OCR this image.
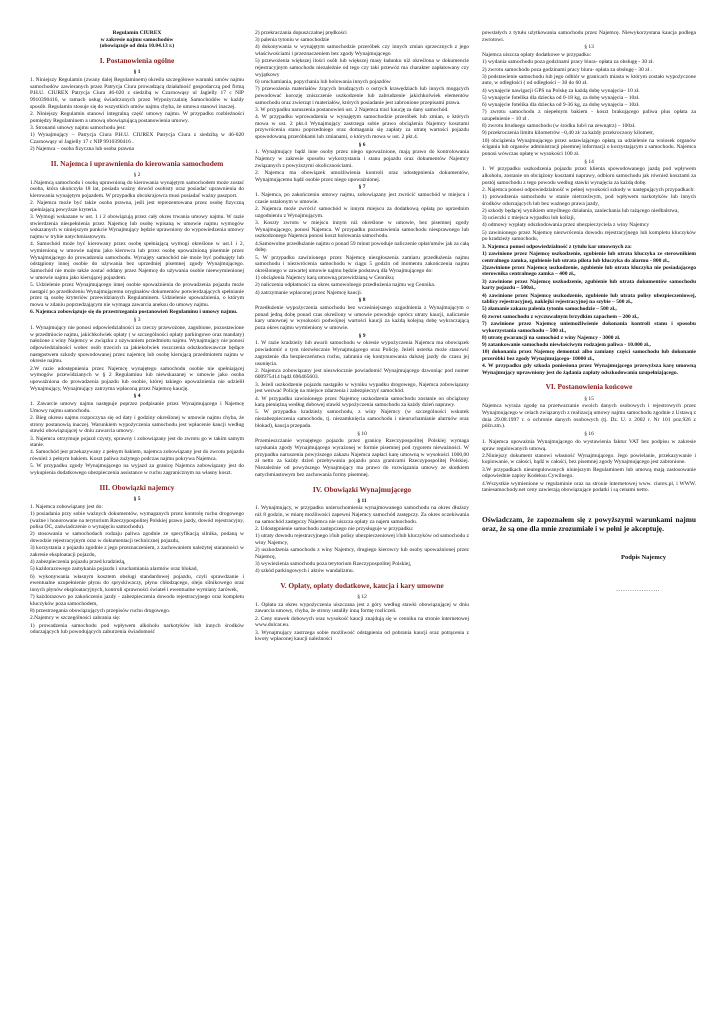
Regulamin CIUREX
w zakresie najmu samochodów
(obowiązuje od dnia 10.04.13 r.)
I. Postanowienia ogólne
§ 1
1. Niniejszy Regulamin (zwany dalej Regulaminem) określa szczegółowe warunki umów najmu samochodów zawieranych przez Patrycja Ciura prowadzącą działalność gospodarczą pod firmą P.H.U. CIUREX Patrycja Ciura 46-020 z siedzibą w Czarnowąsy ul Jagielly 17 c NIP 9910390416, w ramach usług świadczonych przez Wypożyczalnię Samochodów w każdy sposób. Regulamin stosuje się do wszystkich umów najmu chyba, że umowa stanowi inaczej.
2. Niniejszy Regulamin stanowi integralną część umowy najmu. W przypadku rozbieżności pomiędzy Regulaminem a umową obowiązującą postanowienia umowy.
3. Stronami umowy najmu samochodu jest:
1) Wynajmujący – Patrycja Ciura P.H.U. CIUREX Patrycja Ciura z siedzibą w 46-020 Czarnowąsy ul Jagielly 17 c NIP 9910390416 .
2) Najemca – osoba fizyczna lub osoba prawna
II. Najemca i uprawnienia do kierowania samochodem
§ 2
1.Najemcą samochodu i osobą uprawnioną do kierowania wynajętym samochodem może zostać osoba, która ukończyła 18 lat, posiada ważny dowód osobisty oraz posiadać uprawnienia do kierowania wynajętym pojazdem. W przypadku obcokrajowca musi posiadać ważny paszport.
2. Najemca może być także osoba prawna, jeśli jest reprezentowana przez osobę fizyczną spełniającą powyższe kryteria.
3. Wymogi wskazane w ust. 1 i 2 obowiązują przez cały okres trwania umowy najmu. W razie stwierdzenia niespełnienia przez Najemcę lub osobę wpisaną w umowie najmu wymogów wskazanych w niniejszym punkcie Wynajmujący będzie uprawniony do wypowiedzenia umowy najmu w trybie natychmiastowym.
4. Samochód może być kierowany przez osobę spełniającą wymogi określone w ust.1 i 2, wymienioną w umowie najmu jako kierowca lub przez osobę upoważnioną pisemnie przez Wynajmującego do prowadzenia samochodu. Wynajęty samochód nie może być podnajęty lub odstąpiony innej osobie do używania bez uprzedniej pisemnej zgody Wynajmującego. Samochód nie może także zostać oddany przez Najemcę do używania osobie nieewymienionej w umowie najmu jako kierującej pojazdem.
5. Udzielenie przez Wynajmującego innej osobie upoważnienia do prowadzenia pojazdu może nastąpić po przedłożeniu Wynajmującemu oryginałów dokumentów potwierdzających spełnianie przez tą osobę kryteriów przewidzianych Regulaminem. Udzielenie upoważnienia, o którym mowa w zdaniu poprzedzającym nie wymaga zawarcia aneksu do umowy najmu.
6. Najemca zobowiązuje się do przestrzegania postanowień Regulaminu i umowy najmu.
§ 3
1. Wynajmujący nie ponosi odpowiedzialności za rzeczy przewożone, zagubione, pozostawione w przedmiocie najmu, jakichkolwiek opłaty ( w szczególności opłaty parkingowe oraz mandaty) nałożone z winy Najemcy w związku z używaniem przedmiotu najmu. Wynajmujący nie ponosi odpowiedzialności wobec osób trzecich za jakiekolwiek roszczenia odszkodowawcze będące następstwem szkody spowodowanej przez najemcę lub osobę kierującą przedmiotem najmu w okresie najmu.
2.W razie udostępnienia przez Najemcę wynajętego samochodu osobie nie spełniającej wymogów przewidzianych w § 2 Regulaminu lub niewskazanej w umowie jako osoba upoważniona do prowadzenia pojazdu lub osobie, której takiego upoważnienia nie udzielił Wynajmujący, Wynajmujący zatrzyma wpłaconą przez Najemcę kaucję.
§ 4
1. Zawarcie umowy najmu następuje poprzez podpisanie przez Wynajmującego i Najemcę Umowy najmu samochodu.
2. Bieg okresu najmu rozpoczyna się od daty i godziny określonej w umowie najmu chyba, że strony postanowią inaczej. Warunkiem wypożyczenia samochodu jest wpłacenie kaucji według stawki obowiązującej w dniu zawarcia umowy.
3. Najemca otrzymuje pojazd czysty, sprawny i zobowiązany jest do zwrotu go w takim samym stanie.
4. Samochód jest przekazywany z pełnym bakiem, najemca zobowiązany jest do zwrotu pojazdu również z pełnym bakiem. Koszt paliwa zużytego podczas najmu pokrywa Najemca.
5. W przypadku zgody Wynajmującego na wyjazd za granicę Najemca zobowiązany jest do wykupienia dodatkowego ubezpieczenia assistance w ruchu zagranicznym na własny koszt.
III. Obowiązki najemcy
§ 5
1. Najemca zobowiązany jest do:
1) posiadania przy sobie ważnych dokumentów, wymaganych przez kontrolę ruchu drogowego (ważne i honorowane na terytorium Rzeczypospolitej Polskiej prawo jazdy, dowód rejestracyjny, polisa OC, zaświadczenie o wynajęciu samochodu).
2) stosowania w samochodach rodzaju paliwa zgodnie ze specyfikacją silnika, podaną w dowodzie rejestracyjnym oraz w dokumentacji technicznej pojazdu,
3) korzystania z pojazdu zgodnie z jego przeznaczeniem, z zachowaniem należytej staranności w zakresie eksploatacji pojazdu,
4) zabezpieczenia pojazdu przed kradzieżą,
5) każdorazowego zamykania pojazdu i uruchamiania alarmów oraz blokad,
6) wykonywania własnym kosztem obsługi standardowej pojazdu, czyli sprawdzanie i ewentualne uzupełnienie płynu do spryskiwaczy, płynu chłodzącego, oleju silnikowego oraz innych płynów eksploatacyjnych, kontroli sprawności świateł i ewentualne wymiany żarówek,
7) każdorazowo po zakończeniu jazdy - zabezpieczenia dowodu rejestracyjnego oraz kompletu kluczyków poza samochodem,
8) przestrzegania obowiązujących przepisów ruchu drogowego.
2.Najemcy w szczególności zabrania się:
1) prowadzenia samochodu pod wpływem alkoholu narkotyków lub innych środków odurzających lub powodujących zaburzenia świadomość
2) przekraczania dopuszczalnej prędkości
3) palenia tytoniu w samochodzie
4) dokonywania w wynajętym samochodzie przeróbek czy innych zmian sprzecznych z jego właściwościami i przeznaczeniem bez zgody Wynajmującego
5) przewożenia większej ilości osób lub większej masy ładunku niż określona w dokumencie rejestracyjnym samochodu niezależnie od tego czy taki przewóz ma charakter zapłatowany czy wyjątkowy
6) uruchamiania, popychania lub holowania innych pojazdów
7) przewożenia materiałów żrących brudzących o ostrych krawędziach lub innych mogących powodować korozję zniszczenie uszkodzenie lub zabrudzenie jakichkolwiek elementów samochodu oraz zwierząt i materiałów, których posiadanie jest zabronione przepisami prawa.
3. W przypadku naruszenia postanowień ust. 2 Najemca traci kaucję za dany samochód.
4. W przypadku wprowadzenia w wynajętym samochodzie przeróbek lub zmian, o których mowa w ust. 2 pkt.4 Wynajmujący zastrzega sobie prawo obciążenia Najemcy kosztami przywrócenia stanu poprzedniego oraz domagania się zapłaty za utratę wartości pojazdu spowodowaną przeróbkami lub zmianami, o których mowa w ust. 2 pkt.4.
§ 6
1. Wynajmujący bądź inne osoby przez niego upoważnione, mają prawo do kontrolowania Najemcy w zakresie sposobu wykorzystania i stanu pojazdu oraz dokumentów Najemcy związanych z powyższymi okolicznościami.
2. Najemca ma obowiązek umożliwienia kontroli oraz udostępnienia dokumentów, Wynajmującemu bądź osobie przez niego upoważnionej.
§ 7
1. Najemca, po zakończeniu umowy najmu, zobowiązany jest zwrócić samochód w miejscu i czasie ustalonym w umowie.
2. Najemca może zwrócić samochód w innym miejscu za dodatkową opłatą po uprzednim uzgodnieniu z Wynajmującym.
3. Koszty zwrotu w miejscu innym niż określone w umowie, bez pisemnej zgody Wynajmującego, ponosi Najemca. W przypadku pozostawienia samochodu niesprawnego lub uszkodzonego Najemca ponosi koszt holowania samochodu.
4.Samowolne przedłużanie najmu o ponad 59 minut powoduje naliczenie opłat/umów jak za całą dobę.
5. W przypadku zawinionego przez Najemcę niezgłoszenia zamiaru przedłużenia najmu samochodu i niezwrócenia samochodu w ciągu 5 godzin od momentu zakończenia najmu określonego w zawartej umowie najmu będzie podstawą dla Wynajmującego do:
1) obciążenia Najemcy karą umowną przewidzianą w Cenniku;
2) naliczenia odpłatności za okres samowolnego przedłużenia najmu wg Cennika.
4) zatrzymanie wpłaconej przez Najemcę kaucji.
§ 8
Przedłużenie wypożyczenia samochodu bez wcześniejszego uzgodnienia z Wynajmującym o ponad jedną dobę ponad czas określony w umowie powoduje oprócz utraty kaucji, naliczenie kary umownej w wysokości podwójnej wartości kaucji za każdą kolejną dobę wykraczającą poza okres najmu wymieniony w umowie.
§ 9
1. W razie kradzieży lub awarii samochodu w okresie wypożyczenia Najemca ma obowiązek powiadomić o tym niezwłocznie Wynajmującego oraz Policję. Jeżeli usterka może stanowić zagrożenie dla bezpieczeństwa ruchu, zabrania się kontynuowania dalszej jazdy do czasu jej usunięcia.
2. Najemca zobowiązany jest niezwłocznie powiadomić Wynajmującego dzwoniąc pod numer 600975414 bądź 696465603.
3. Jeżeli uszkodzenie pojazdu nastąpiło w wyniku wypadku drogowego, Najemca zobowiązany jest wezwać Policję na miejsce zdarzenia i zabezpieczyć samochód.
4. W przypadku zawinionego przez Najemcę uszkodzenia samochodu zostanie on obciążony karą pieniężną według dobowej stawki wypożyczenia samochodu za każdy dzień naprawy.
5. W przypadku kradzieży samochodu, z winy Najemcy (w szczególności wskutek niezabezpieczenia samochodu, tj. niezamknięcia samochodu i nieuruchamianie alarmów oraz blokad), kaucja przepada.
§ 10
Przemieszczanie wynajętego pojazdu przez granicę Rzeczypospolitej Polskiej wymaga uzyskania zgody Wynajmującego wyrażonej w formie pisemnej pod rygorem nieważności. W przypadku naruszenia powyższego zakazu Najemca zapłaci karę umowną w wysokości 1000,00 zł netto za każdy dzień przebywania pojazdu poza granicami Rzeczypospolitej Polskiej. Niezależnie od powyższego Wynajmujący ma prawo do rozwiązania umowy ze skutkiem natychmiastowym bez zachowania formy pisemnej.
IV. Obowiązki Wynajmującego
§ 11
1. Wynajmujący, w przypadku unieruchomienia wynajmowanego samochodu na okres dłuższy niż 8 godzin, w miarę możliwości zapewni Najemcy samochód zastępczy. Za okres oczekiwania na samochód zastępczy Najemca nie uiszcza opłaty za najem samochodu.
2. Udostępnienie samochodu zastępczego nie przysługuje w przypadku:
1) utraty dowodu rejestracyjnego i/lub polisy ubezpieczeniowej i/lub kluczyków od samochodu z winy Najemcy,
2) uszkodzenia samochodu z winy Najemcy, drugiego kierowcy lub osoby upoważnionej przez Najemcę,
3) wywiezienia samochodu poza terytorium Rzeczypospolitej Polskiej,
4) szkód parkingowych i aktów wandalizmu.
V. Opłaty, opłaty dodatkowe, kaucja i kary umowne
§ 12
1. Opłata za okres wypożyczenia uiszczana jest z góry według stawki obowiązującej w dniu zawarcia umowy, chyba, że strony ustaliły inną formę rozliczeń.
2. Ceny stawek dobowych oraz wysokość kaucji znajdują się w cenniku na stronie internetowej www.dolcar.eu.
3. Wynajmujący zastrzega sobie możliwość odstąpienia od pobrania kaucji oraz potrącenia z kwoty wpłaconej kaucji należności
powstałych z tytułu użytkowania samochodu przez Najemcę. Niewykorzystana kaucja podlega zwrotowi.
§ 13
Najemca uiszcza opłaty dodatkowe w przypadku:
1) wydania samochodu poza godzinami pracy biura- opłata za obsługę - 30 zł.
2) zwrotu samochodu poza godzinami pracy biura- opłata za obsługę - 30 zł .
3) podstawienie samochodu lub jego odbiór w granicach miasta w którym zostało wypożyczone auto, w odległości ( od odległości – 30 do 60 zł.
4) wynajęcie nawigacji GPS na Polskę za każdą dobę wynajęcia– 10 zł.
5) wynajęcie fotelika dla dziecka od 0-18 kg, za dobę wynajęcia – 10zł.
6) wynajęcie fotelika dla dziecka od 9-36 kg, za dobę wynajęcia – 10zł.
7) zwrotu samochodu z niepełnym bakiem - koszt brakującego paliwa plus opłata za uzupełnienie – 10 zł .
8) zwrotu brudnego samochodu (w środku lub/i na zewnątrz) – 100zł.
9) przekroczenia limitu kilometrów –0,40 zł/ za każdy przekroczony kilometr,
10) obciążenia Wynajmującego przez ustawiającego opłatą za udzielenie na wniosek organów ścigania lub organów administracji pisemnej informacji o korzystającym z samochodu. Najemca ponosi wówczas opłatę w wysokości 100 zł.
§ 14
1. W przypadku uszkodzenia pojazdu przez klienta spowodowanego jazdą pod wpływem alkoholu, zostanie on obciążony kosztami naprawy, odbioru samochodu jak również kosztami za postój samochodu z tego powodu według stawki wynajęcia za każdą dobę.
2. Najemca ponosi odpowiedzialność w pełnej wysokości szkody w następujących przypadkach:
1) prowadzenia samochodu w stanie nietrzeźwym, pod wpływem narkotyków lub innych środków odurzających lub bez ważnego prawa jazdy,
2) szkody będącej wynikiem umyślnego działania, zaniechania lub rażącego niedbalstwa,
3) ucieczki z miejsca wypadku lub kolizji,
4) odmowy wypłaty odszkodowania przez ubezpieczyciela z winy Najemcy
5) zawinionego przez Najemcę niezwrócenia dowodu rejestracyjnego lub kompletu kluczyków po kradzieży samochodu,
3. Najemca ponosi odpowiedzialność z tytułu kar umownych za:
1) zawinione przez Najemcę uszkodzenie, zgubienie lub utrata kluczyka ze sterownikiem centralnego zamka, zgubienie lub utrata pilota lub kluczyka do alarmu - 800 zł.,
2)zawinione przez Najemcę uszkodzenie, zgubienie lub utrata kluczyka nie posiadającego sterownika centralnego zamka – 400 zł.,
3) zawinione przez Najemcę uszkodzenie, zgubienie lub utrata dokumentów samochodu karty pojazdu – 500zł.,
4) zawinione przez Najemcę uszkodzenie, zgubienie lub utrata polisy ubezpieczeniowej, tablicy rejestracyjnej, naklejki rejestracyjnej na szybie – 500 zł.,
5) złamanie zakazu palenia tytoniu samochodzie – 500 zł.,
6) zwrot samochodu z wyczuwalnym brzydkim zapachem – 200 zł.,
7) zawinione przez Najemcę uniemożliwienie dokonania kontroli stanu i sposobu wykorzystania samochodu – 500 zł.,
8) utratę gwarancji na samochód z winy Najemcy - 3000 zł.
9) zatankowanie samochodu niewłaściwym rodzajem paliwa - 10.000 zł.,
10) dokonania przez Najemcę demontaż albo zamiany części samochodu lub dokonanie przeróbki bez zgody Wynajmującego- 10000 zł.,
4. W przypadku gdy szkoda poniesiona przez Wynajmującego przewyższa karę umowną Wynajmujący uprawniony jest do żądania zapłaty odszkodowania uzupełniającego.
VI. Postanowienia końcowe
§ 15
Najemca wyraża zgodę na przetwarzanie swoich danych osobowych i rejestrowych przez Wynajmującego w celach związanych z realizacją umowy najmu samochodu zgodnie z Ustawą z dnia 29.08.1997 r. o ochronie danych osobowych (tj. Dz. U. z 2002 r. Nr 101 poz.926 z późn.zm.).
§ 16
1. Najemca upoważnia Wynajmującego do wystawienia faktur VAT bez podpisu w zakresie spraw regulowanych umową.
2.Niniejszy dokument stanowi własność Wynajmującego. Jego powielanie, przekazywanie i kopiowanie, w całości, bądź w całości, bez pisemnej zgody Wynajmującego jest zabronione.
3.W przypadkach nieuregulowanych niniejszym Regulaminem lub umową mają zastosowanie odpowiednie zapisy Kodeksu Cywilnego.
4.Wszystkie wymienione w regulaminie oraz na stronie internetowej www. ciurex.pl, i WWW. taniesamochody.net ceny zawierają obowiązujące podatki i są cenami netto.
Oświadczam, że zapoznałem się z powyższymi warunkami najmu oraz, że są one dla mnie zrozumiałe i w pełni je akceptuję.
Podpis Najemcy
……………….
